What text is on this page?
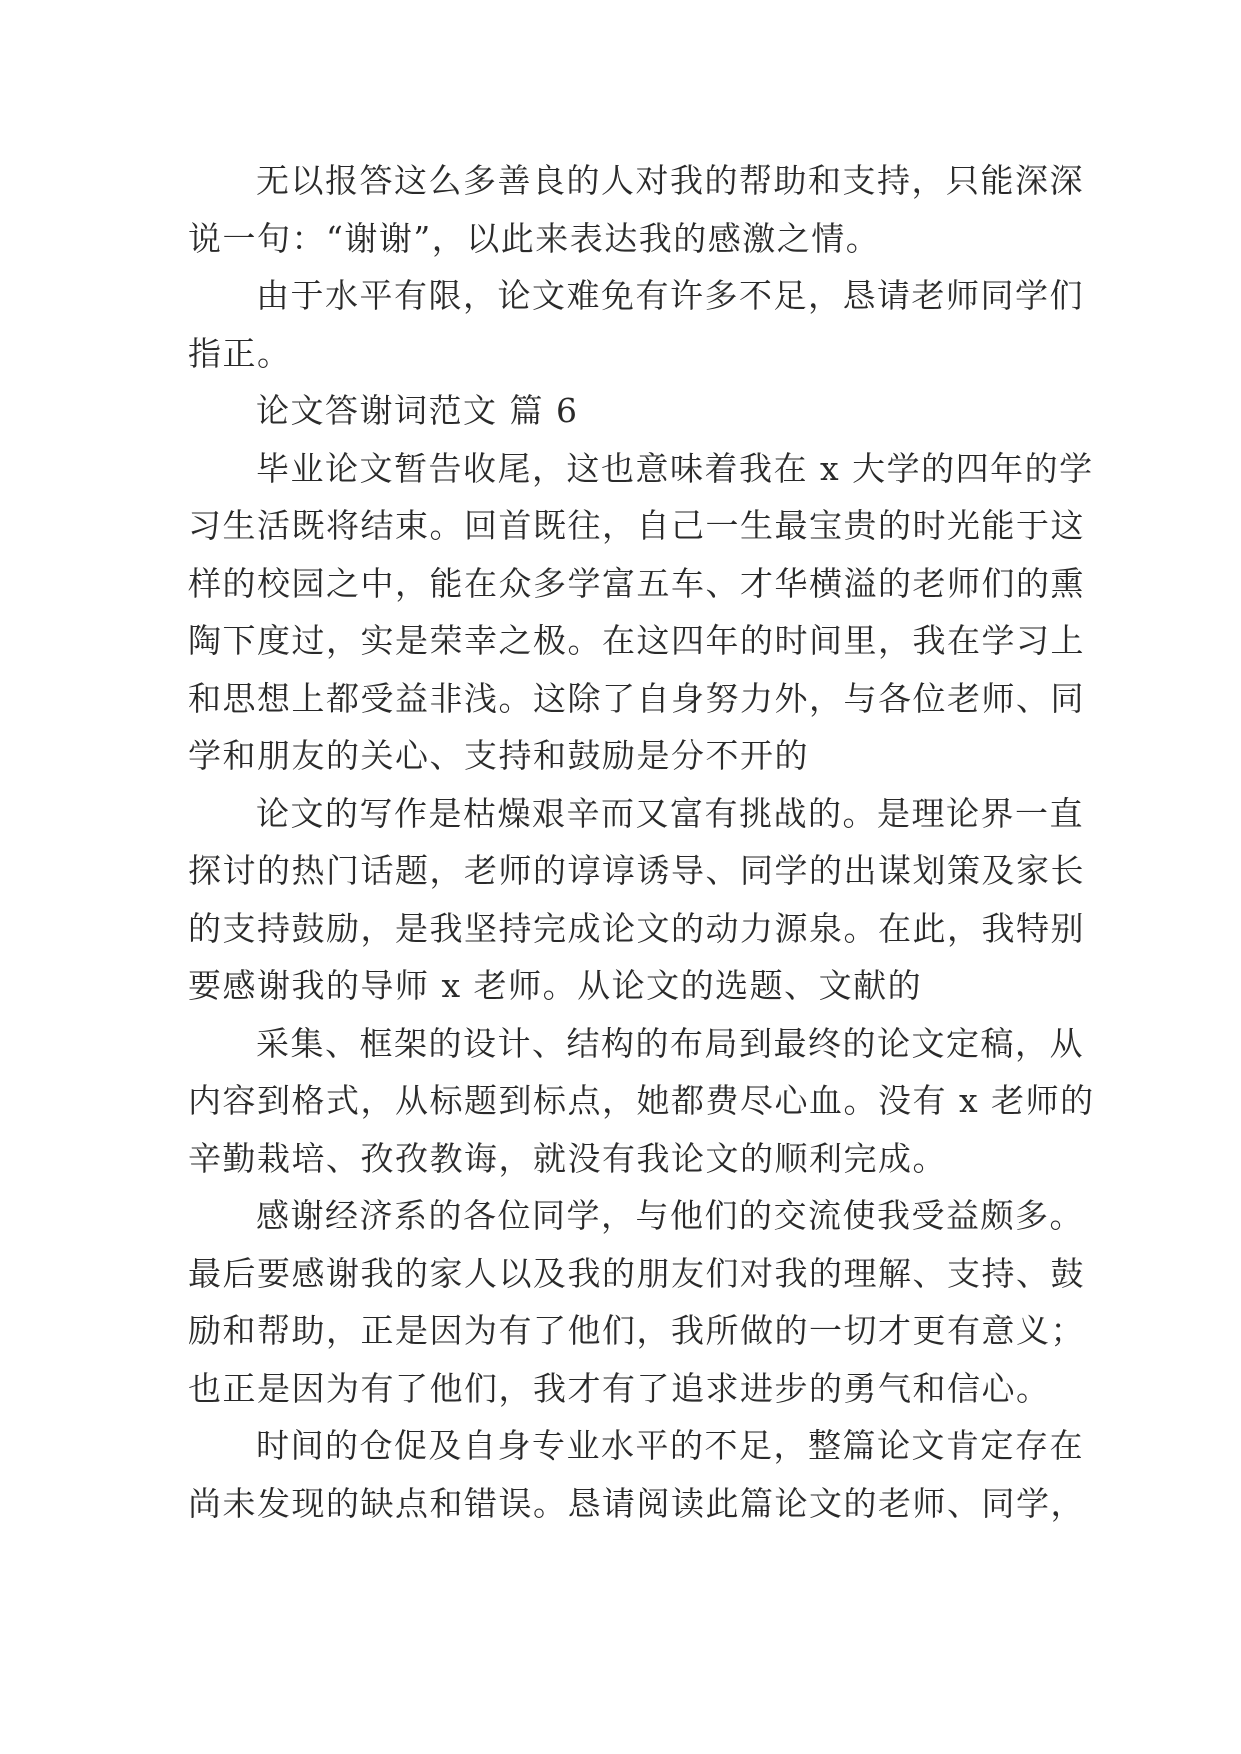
无以报答这么多善良的人对我的帮助和支持，只能深深
说一句：“谢谢”，以此来表达我的感激之情。
由于水平有限，论文难免有许多不足，恳请老师同学们
指正。
论文答谢词范文 篇 6
毕业论文暂告收尾，这也意味着我在 x 大学的四年的学
习生活既将结束。回首既往，自己一生最宝贵的时光能于这
样的校园之中，能在众多学富五车、才华横溢的老师们的熏
陶下度过，实是荣幸之极。在这四年的时间里，我在学习上
和思想上都受益非浅。这除了自身努力外，与各位老师、同
学和朋友的关心、支持和鼓励是分不开的
论文的写作是枯燥艰辛而又富有挑战的。是理论界一直
探讨的热门话题，老师的谆谆诱导、同学的出谋划策及家长
的支持鼓励，是我坚持完成论文的动力源泉。在此，我特别
要感谢我的导师 x 老师。从论文的选题、文献的
采集、框架的设计、结构的布局到最终的论文定稿，从
内容到格式，从标题到标点，她都费尽心血。没有 x 老师的
辛勤栽培、孜孜教诲，就没有我论文的顺利完成。
感谢经济系的各位同学，与他们的交流使我受益颇多。
最后要感谢我的家人以及我的朋友们对我的理解、支持、鼓
励和帮助，正是因为有了他们，我所做的一切才更有意义；
也正是因为有了他们，我才有了追求进步的勇气和信心。
时间的仓促及自身专业水平的不足，整篇论文肯定存在
尚未发现的缺点和错误。恳请阅读此篇论文的老师、同学，
